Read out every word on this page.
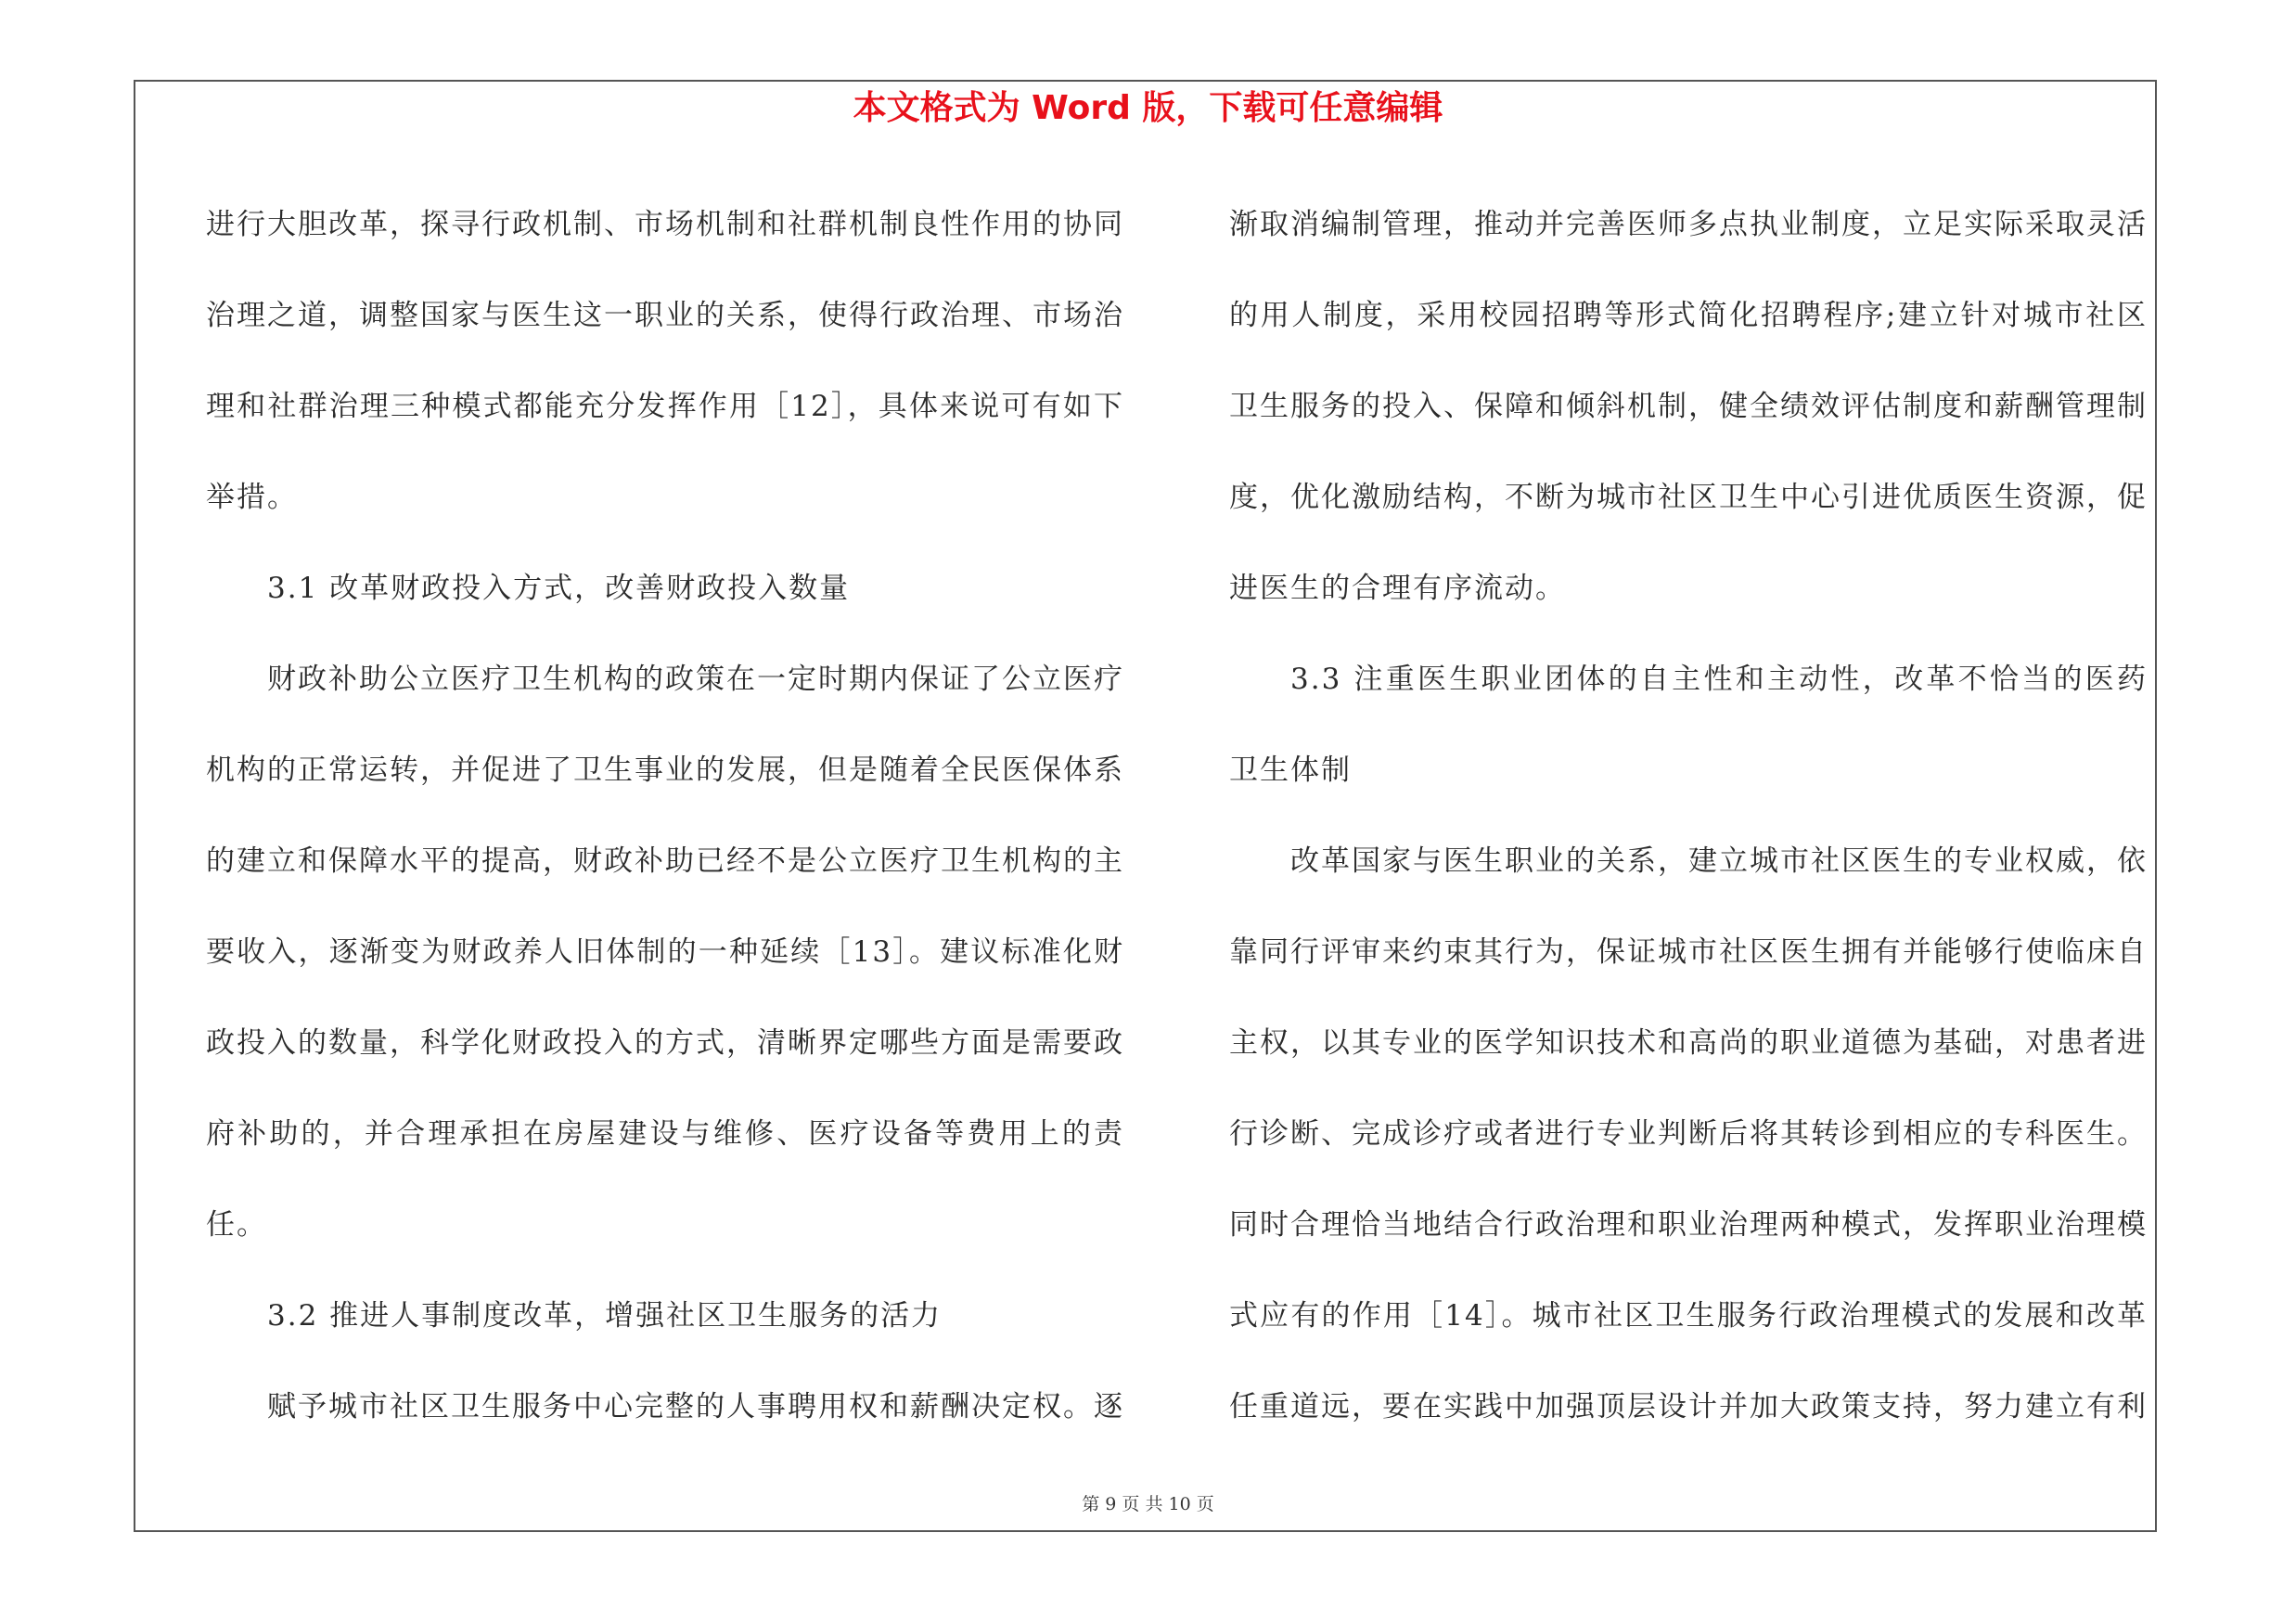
本文格式为 Word 版，下载可任意编辑

进行大胆改革，探寻行政机制、市场机制和社群机制良性作用的协同治理之道，调整国家与医生这一职业的关系，使得行政治理、市场治理和社群治理三种模式都能充分发挥作用［12］，具体来说可有如下举措。

3.1 改革财政投入方式，改善财政投入数量

财政补助公立医疗卫生机构的政策在一定时期内保证了公立医疗机构的正常运转，并促进了卫生事业的发展，但是随着全民医保体系的建立和保障水平的提高，财政补助已经不是公立医疗卫生机构的主要收入，逐渐变为财政养人旧体制的一种延续［13］。建议标准化财政投入的数量，科学化财政投入的方式，清晰界定哪些方面是需要政府补助的，并合理承担在房屋建设与维修、医疗设备等费用上的责任。

3.2 推进人事制度改革，增强社区卫生服务的活力

赋予城市社区卫生服务中心完整的人事聘用权和薪酬决定权。逐

渐取消编制管理，推动并完善医师多点执业制度，立足实际采取灵活的用人制度，采用校园招聘等形式简化招聘程序;建立针对城市社区卫生服务的投入、保障和倾斜机制，健全绩效评估制度和薪酬管理制度，优化激励结构，不断为城市社区卫生中心引进优质医生资源，促进医生的合理有序流动。

3.3 注重医生职业团体的自主性和主动性，改革不恰当的医药卫生体制

改革国家与医生职业的关系，建立城市社区医生的专业权威，依靠同行评审来约束其行为，保证城市社区医生拥有并能够行使临床自主权，以其专业的医学知识技术和高尚的职业道德为基础，对患者进行诊断、完成诊疗或者进行专业判断后将其转诊到相应的专科医生。同时合理恰当地结合行政治理和职业治理两种模式，发挥职业治理模式应有的作用［14］。城市社区卫生服务行政治理模式的发展和改革任重道远，要在实践中加强顶层设计并加大政策支持，努力建立有利

第 9 页 共 10 页
